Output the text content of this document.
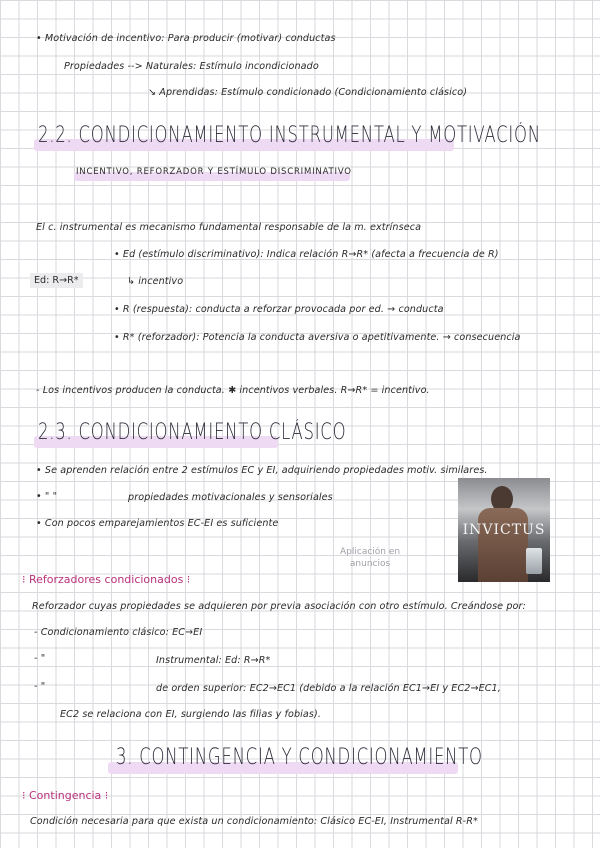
• Motivación de incentivo: Para producir (motivar) conductas
Propiedades --> Naturales: Estímulo incondicionado
↘ Aprendidas: Estímulo condicionado (Condicionamiento clásico)
2.2. CONDICIONAMIENTO INSTRUMENTAL Y MOTIVACIÓN
INCENTIVO, REFORZADOR Y ESTÍMULO DISCRIMINATIVO
El c. instrumental es mecanismo fundamental responsable de la m. extrínseca
• Ed (estímulo discriminativo): Indica relación R→R* (afecta a frecuencia de R)
↳ incentivo
Ed: R→R*
• R (respuesta): conducta a reforzar provocada por ed. → conducta
• R* (reforzador): Potencia la conducta aversiva o apetitivamente. → consecuencia
- Los incentivos producen la conducta. ✱ incentivos verbales. R→R* = incentivo.
2.3. CONDICIONAMIENTO CLÁSICO
• Se aprenden relación entre 2 estímulos EC y EI, adquiriendo propiedades motiv. similares.
• " "	propiedades motivacionales y sensoriales
• Con pocos emparejamientos EC-EI es suficiente
Aplicación en
anuncios
INVICTUS
⁝ Reforzadores condicionados ⁝
Reforzador cuyas propiedades se adquieren por previa asociación con otro estímulo. Creándose por:
- Condicionamiento clásico: EC→EI
- "	Instrumental: Ed: R→R*
- "	de orden superior: EC2→EC1 (debido a la relación EC1→EI y EC2→EC1,
EC2 se relaciona con EI, surgiendo las filias y fobias).
3. CONTINGENCIA Y CONDICIONAMIENTO
⁝ Contingencia ⁝
Condición necesaria para que exista un condicionamiento: Clásico EC-EI, Instrumental R-R*
